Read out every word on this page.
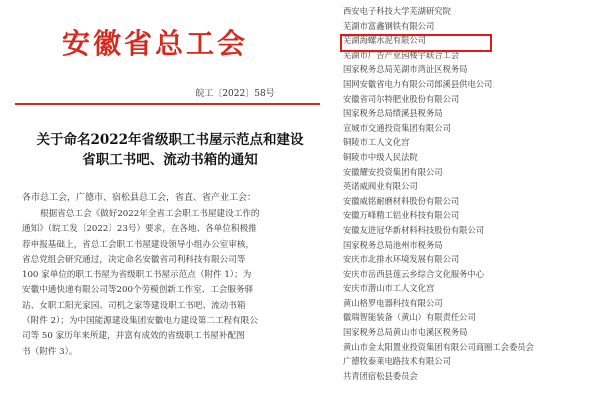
安徽省总工会
皖工〔2022〕58号
关于命名2022年省级职工书屋示范点和建设
省职工书吧、流动书箱的通知
各市总工会，广德市、宿松县总工会，省直、省产业工会：
根据省总工会《做好2022年全省工会职工书屋建设工作的
通知》（皖工发〔2022〕23号）要求，在各地、各单位积极推
荐申报基础上，省总工会职工书屋建设领导小组办公室审核，
省总党组会研究通过，决定命名安徽省司利科技有限公司等
100 家单位的职工书屋为省级职工书屋示范点（附件 1）；为
安徽中通快递有限公司等200个劳模创新工作室、工会服务驿
站、女职工阳光家园、司机之家等建设职工书吧、流动书箱
（附件 2）；为中国能源建设集团安徽电力建设第二工程有限公
司等 50 家历年来所建，并富有成效的省级职工书屋补配图
书（附件 3）。
西安电子科技大学芜湖研究院
芜湖市富鑫钢铁有限公司
芜湖海螺水泥有限公司
芜湖市广告产业园楼宇联合工会
国家税务总局芜湖市湾沚区税务局
国网安徽省电力有限公司郎溪县供电公司
安徽省司尔特肥业股份有限公司
国家税务总局绩溪县税务局
宣城市交通投资集团有限公司
铜陵市工人文化宫
铜陵市中级人民法院
安徽耀安投资集团有限公司
英诺威阀业有限公司
安徽威铭耐磨材料股份有限公司
安徽万峰精工铝业科技有限公司
安徽友进冠华新材料科技股份有限公司
国家税务总局池州市税务局
安庆市北排水环境发展有限公司
安庆市岳西县莲云乡综合文化服务中心
安庆市潜山市工人文化宫
黄山格罗电器科技有限公司
徽瑞智能装备（黄山）有限责任公司
国家税务总局黄山市屯溪区税务局
黄山市金太阳置业投资集团有限公司商圈工会委员会
广德牧泰莱电路技术有限公司
共青团宿松县委员会
